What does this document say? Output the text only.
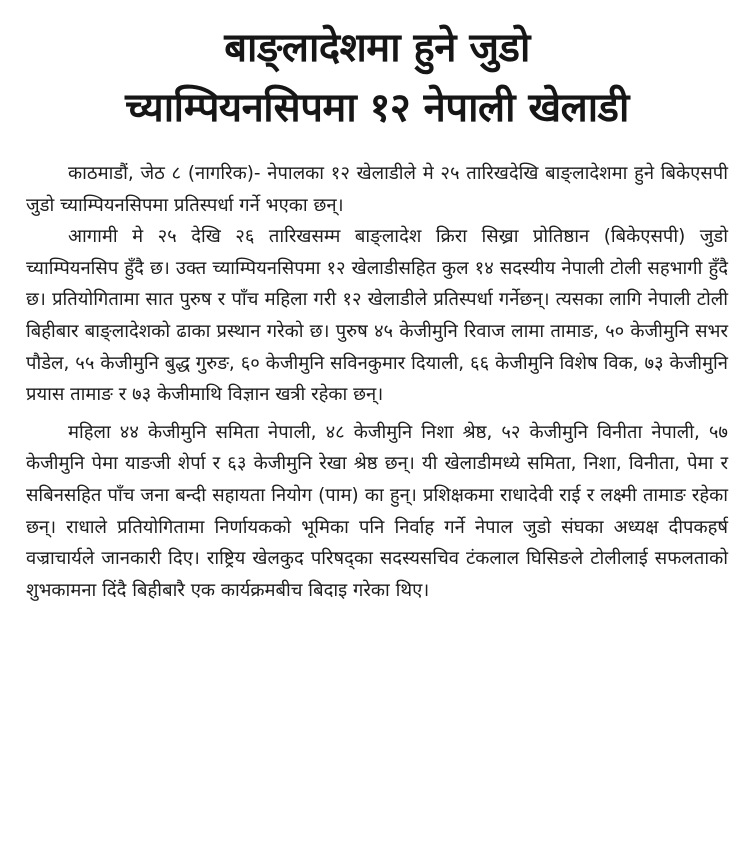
बाङ्लादेशमा हुने जुडो
च्याम्पियनसिपमा १२ नेपाली खेलाडी

काठमाडौं, जेठ ८ (नागरिक)- नेपालका १२ खेलाडीले मे २५ तारिखदेखि बाङ्लादेशमा हुने बिकेएसपी जुडो च्याम्पियनसिपमा प्रतिस्पर्धा गर्ने भएका छन्।

आगामी मे २५ देखि २६ तारिखसम्म बाङ्लादेश क्रिरा सिख्रा प्रोतिष्ठान (बिकेएसपी) जुडो च्याम्पियनसिप हुँदै छ। उक्त च्याम्पियनसिपमा १२ खेलाडीसहित कुल १४ सदस्यीय नेपाली टोली सहभागी हुँदै छ। प्रतियोगितामा सात पुरुष र पाँच महिला गरी १२ खेलाडीले प्रतिस्पर्धा गर्नेछन्। त्यसका लागि नेपाली टोली बिहीबार बाङ्लादेशको ढाका प्रस्थान गरेको छ। पुरुष ४५ केजीमुनि रिवाज लामा तामाङ, ५० केजीमुनि सभर पौडेल, ५५ केजीमुनि बुद्ध गुरुङ, ६० केजीमुनि सविनकुमार दियाली, ६६ केजीमुनि विशेष विक, ७३ केजीमुनि प्रयास तामाङ र ७३ केजीमाथि विज्ञान खत्री रहेका छन्।

महिला ४४ केजीमुनि समिता नेपाली, ४८ केजीमुनि निशा श्रेष्ठ, ५२ केजीमुनि विनीता नेपाली, ५७ केजीमुनि पेमा याङजी शेर्पा र ६३ केजीमुनि रेखा श्रेष्ठ छन्। यी खेलाडीमध्ये समिता, निशा, विनीता, पेमा र सबिनसहित पाँच जना बन्दी सहायता नियोग (पाम) का हुन्। प्रशिक्षकमा राधादेवी राई र लक्ष्मी तामाङ रहेका छन्। राधाले प्रतियोगितामा निर्णायकको भूमिका पनि निर्वाह गर्ने नेपाल जुडो संघका अध्यक्ष दीपकहर्ष वज्राचार्यले जानकारी दिए। राष्ट्रिय खेलकुद परिषद्का सदस्यसचिव टंकलाल घिसिङले टोलीलाई सफलताको शुभकामना दिंदै बिहीबारै एक कार्यक्रमबीच बिदाइ गरेका थिए।
